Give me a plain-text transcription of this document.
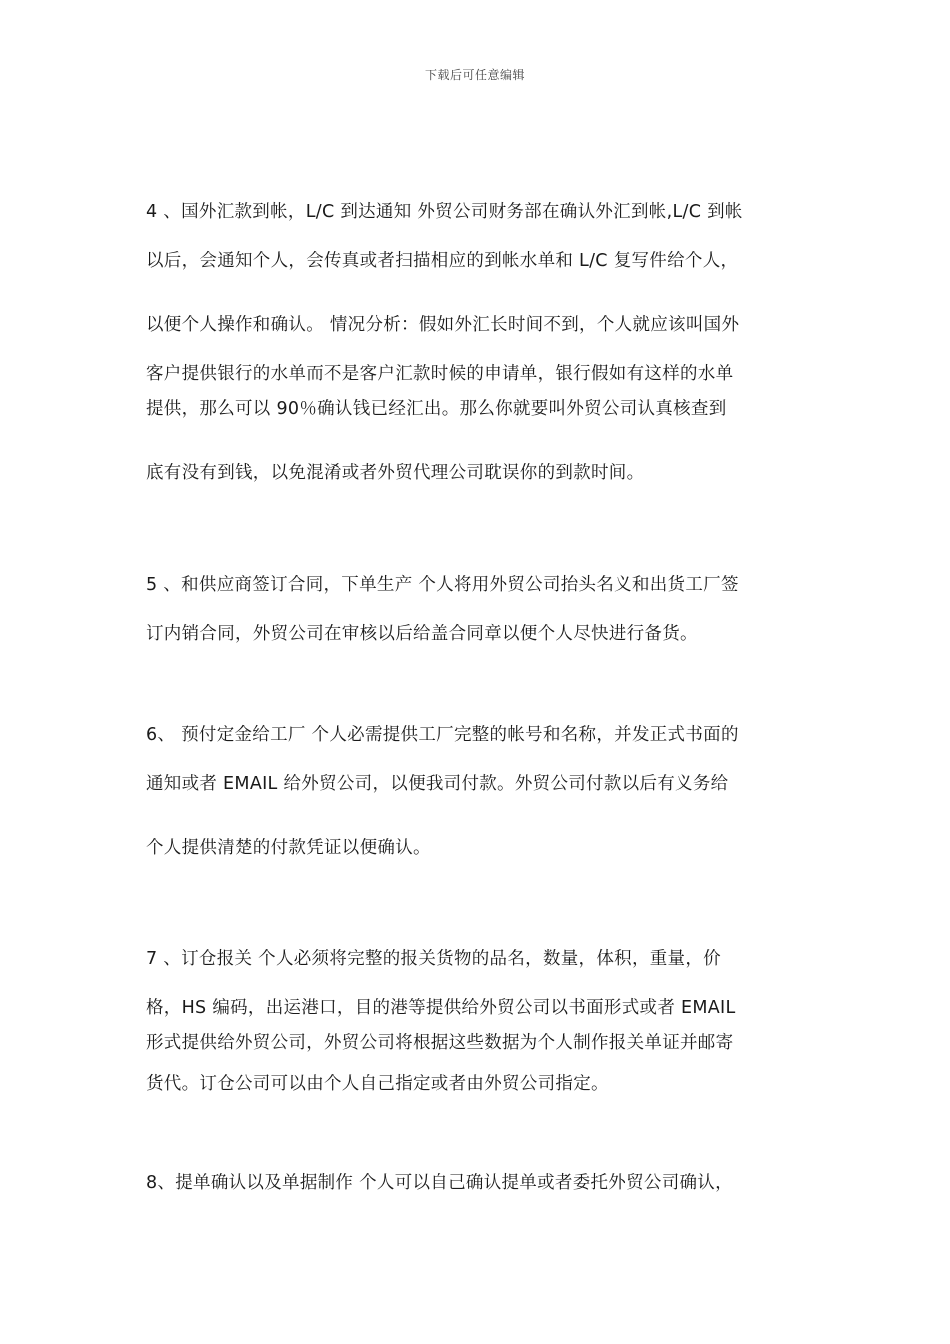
下载后可任意编辑
4 、国外汇款到帐，L/C 到达通知 外贸公司财务部在确认外汇到帐,L/C 到帐
以后，会通知个人，会传真或者扫描相应的到帐水单和 L/C 复写件给个人，
以便个人操作和确认。 情况分析：假如外汇长时间不到，个人就应该叫国外
客户提供银行的水单而不是客户汇款时候的申请单，银行假如有这样的水单
提供，那么可以 90％确认钱已经汇出。那么你就要叫外贸公司认真核查到
底有没有到钱，以免混淆或者外贸代理公司耽误你的到款时间。
5 、和供应商签订合同，下单生产 个人将用外贸公司抬头名义和出货工厂签
订内销合同，外贸公司在审核以后给盖合同章以便个人尽快进行备货。
6、 预付定金给工厂 个人必需提供工厂完整的帐号和名称，并发正式书面的
通知或者 EMAIL 给外贸公司，以便我司付款。外贸公司付款以后有义务给
个人提供清楚的付款凭证以便确认。
7 、订仓报关 个人必须将完整的报关货物的品名，数量，体积，重量，价
格，HS 编码，出运港口，目的港等提供给外贸公司以书面形式或者 EMAIL
形式提供给外贸公司，外贸公司将根据这些数据为个人制作报关单证并邮寄
货代。订仓公司可以由个人自己指定或者由外贸公司指定。
8、提单确认以及单据制作 个人可以自己确认提单或者委托外贸公司确认，
